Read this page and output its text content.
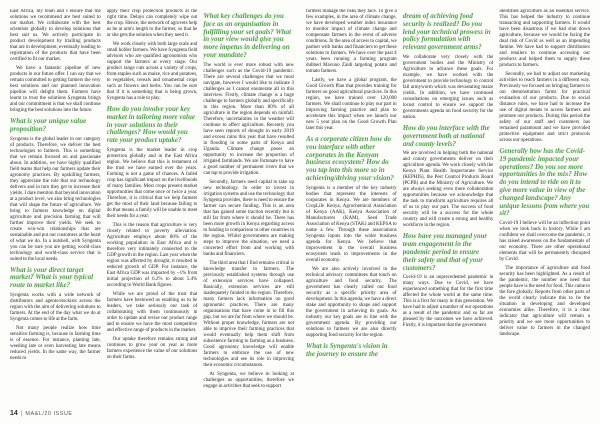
East Africa, my team and I ensure that the solutions we recommend are best suited to our market. We collaborate with the best scientists globally to develop solutions that best suit us. We actively participate in product development by trialling products that are in development, eventually leading to registration of the products that have been certified to fit our market.

We have a fantastic pipeline of new products in our future offer. I can say that we remain committed to getting farmers the very best solutions and our planned innovation pipeline will delight them. Farmers have learnt to trust the solutions Syngenta brings and our commitment is that we shall continue bringing the best solutions into the future.

What is your unique value proposition?

Syngenta is the global leader in our category of products. Therefore, we deliver the best technologies to farmers. This is something that we remain focused on and passionate about. In addition, we have highly qualified field teams that help our farmers update their agronomy practices. By upskilling farmers, they appreciate the role that our technology delivers and in turn they get to increase their yields. I dare mention that beyond innovation at a product level, we also bring technologies that will shape the future of agriculture. We bring to farmers knowledge on digital agriculture and precision farming that will further improve their yields. We seek to create win-win relationships that are sustainable and put our customers at the heart of what we do. In a nutshell, with Syngenta you can be sure you are getting world-class technology and world-class service that is suited to the local needs.

What is your direct target market? What is your typical route to market like?

Syngenta works with a wide network of distributors and agents/stockists across the region with the aim of delivering solutions to farmers. At the end of the day what we do at Syngenta comes to life at the farm.

Not many people realize how time sensitive farming is, because in farming time is of essence. For instance, planting late, weeding late or even harvesting late means reduced yields. In the same way, the farmer needs to

apply their crop protection products at the right time. Delays can completely wipe out the crop. Hence, the network of agrovets help us be at arm's length to the farmer, so that he or she gets the solution when they need it.

We work closely with both large scale and small holder farmers. We have Syngenta field advisors who are qualified agronomists who support the farmers at every stage. Our product range cuts across a variety of crops, from staples such as maize, rice and potatoes, to vegetables, cereals and ornamental crops such as flowers and herbs. You can be sure that if it is something that is being grown, Syngenta has a role to play.

How do you involve your key market in tailoring more value in your solutions to their challenges? How would you rate your product uptake?

Syngenta is the market leader in crop protection globally and in the East Africa region. We believe that this is testament of the trust we have earned over the years. Farming is not a game of chances. A failed crop has significant impact on the livelihoods of many families. Most crops present market opportunities that come once or twice a year. Therefore, it is critical that we help farmers get the most of their land because failing to do that means a family will be unable to meet their needs for a year.

This is the reason that agriculture is very closely related to poverty alleviation. Agriculture employs about 80% of the working population in East Africa and is therefore very intimately connected to the GDP growth in the region. Last year when the region was affected by drought, it resulted in reduced growth of GDP. For instance, the East Africa GDP was impacted by ~1% from initial projection of 6.2% to about 5.4% according to World Bank figures.

While we are proud of the trust that farmers have bestowed us enabling us to be leaders, we take seriously our task of collaborating with them continuously in order to update and revise our product range and to ensure we have the most competitive and effective range of products in the market.

Our uptake therefore remains strong and continues to grow year on year as more farmers experience the value of our solutions on their farms.

What key challenges do you face as an organisation in fulfilling your set goals? What in your view would give you more impetus in delivering on your mandate?

The world is ever more robust with new challenges such as the Covid-19 pandemic. There are several challenges that we must navigate, however I would like to indicate 3 challenges as I cannot enumerate all in this interview. Firstly, climate change is a huge challenge to farmers globally and specifically in this region. More than 80% of all agriculture in the region depends on rainfall. Therefore, uncertainties in the weather will continue to affect agriculture. Recently you have seen reports of drought in early 2019 and excess rains this year that have resulted in flooding in some parts of Kenya and Uganda. Climate change poses an opportunity to increase the proportion of irrigated farmlands. We are fortunate to have a good number of permanent rivers that we can tap to provide irrigation.

Secondly, farmers need capital to take up new technology. In order to invest in irrigation systems and use the technology that Syngenta provides, there is need to ensure the farmer can secure funding. This is an area that has gained some traction recently but is still far from where it should be. There has been more growth in Kenya regarding access to funding in comparison to other countries in the region. Whilst governments are making steps to improve the situation, we need a concerted effort from and working with banks and financiers.

The third area that I find remains critical is knowledge transfer to farmers. The previously established systems through use of extension services have collapsed. Basically, extension services are still inadequately funded in the region. Therefore, many farmers lack information on good agronomic practices. There are many organisations that have come in to fill this gap, but we are far from where we should be. Without proper knowledge, farmers are not able to improve their farming practices that would eventually help them shift from subsistence farming to farming as a business. Good agronomy knowledge will enable farmers to embrace the use of new technologies and see its role in improving their economic circumstances.

At Syngenta, we believe in looking at challenges as opportunities, therefore we engage in activities that seek to support

farmers manage the risks they face. To give a few examples, in the area of climate change, we have developed weather index insurance to monitor impact of climate change and compensate farmers in the event of adverse conditions. In the area of access to capital, we partner with banks and financiers to get these solutions to farmers. We have over the past 4 years been running a farming program dubbed Mavuno Zaidi targeting potato and tomato farmers.

Lastly, we have a global program, the Good Growth Plan that provides training for farmers on good agricultural practices. In this region, we have trained over 120,000 farmers. We shall continue to play our part in improving farming practice and plan to accelerate this impact when we launch our new 5 year plan on the Good Growth Plan later this year.

As a corporate citizen how do you interface with other corporates in the Kenyan business ecosystem? How do you tap into this more so in achieving/driving your vision?

Syngenta is a member of the key industry bodies that represent the interests of corporates in Kenya. We are members of CropLife Kenya, Agrochemical Association of Kenya (AAK), Kenya Association of Manufacturers (KAM), Seed Trade Association of Kenya (STAK) and KEPSA to name a few. Through these associations Syngenta inputs into the wider business agenda for Kenya. We believe that improvement in the overall business ecosystem leads to improvements in the overall economy.

We are also actively involved in the technical advisory committees that touch on agriculture and food security. The government has clearly called out food security as a specific priority area of development. In this agenda, we have a direct stake and opportunity to shape and support the government in achieving its goals. As industry our key goals are in line with the government agenda. By providing our solutions to farmers we are also directly supporting food security for the region.

What is Syngenta's vision in the journey to ensure the
dream of achieving food security is realized? Do you lend your technical prowess in policy formulation with relevant government arms?

We collaborate very closely with the government bodies and the Ministry of Agriculture to advance these goals. For example, we have worked with the government to provide technology to control fall armyworm which was devastating maize yields. In addition, we have continued consultations on emerging issues such as locust control to ensure we support the governments agenda on food security for the nation.

How do you interface with the government both at national and county levels?

We are involved in helping both the national and county governments deliver on their agriculture agenda. We work closely with the Kenya Plant Health Inspectorate Service (KEPHIS), the Pest Control Products Board (PCPB) and the Ministry of Agriculture. We are always seeking even more collaboration opportunities because we acknowledge that the task to transform agriculture requires all of us to play our part. The success of food security will be a success for the whole country and will create a strong and healthy workforce in the region.

How have you managed your team engagement in the pandemic period to ensure their safety and that of your customers?

Covid-19 is an unprecedented pandemic in many ways. Due to Covid, we have experienced something that for the first time affected the whole world at the same time. This is a first for many in this generation. We have had to adjust a number of our operations as a result of the pandemic and so far are pleased by the outcomes we have achieved. Firstly, it is important that the government

identified agriculture as an essential service. This has helped the industry to continue transacting and supporting farmers. It would have been disastrous if we had shut down agriculture, because we would be facing the dual risk of Covid as well as an impending famine. We have had to support distributors and retailers to continue accessing our products and helped them to supply these products to farmers.

Secondly, we had to adjust our marketing activities to reach farmers in a different way. Previously we focused on bringing farmers to our demonstration farms for practical evaluation of our products. Due to social distance rules, we have had to increase the use of digital means to access farmers and promote our products. During this period the safety of our staff and customers has remained paramount and we have provided protective equipment and strict protocols across our operations.

Generally how has the Covid-19 pandemic impacted your operations? Do you see more opportunities in the mix? How do you intend to ride on it to give more value in view of the changed landscape? Any unique lessons from where you sit?

Covid-19 I believe will be an inflection point when we look back in history. While I am confident we shall overcome the pandemic, it has raised awareness on the fundamentals of our economy. There are other operational elements that will be permanently disrupted by Covid.

The importance of agriculture and food security has been highlighted. As a result of the pandemic, the number one need that people have is the need for food. This came to the fore globally. Reports from other parts of the world clearly indicate this to be the situation in developing and developed economies alike. Therefore, it is a clear indicator that agriculture will remain a priority and we see more opportunities to deliver value to farmers in the changed landscape.

14 | MA&L/20 ISSUE
